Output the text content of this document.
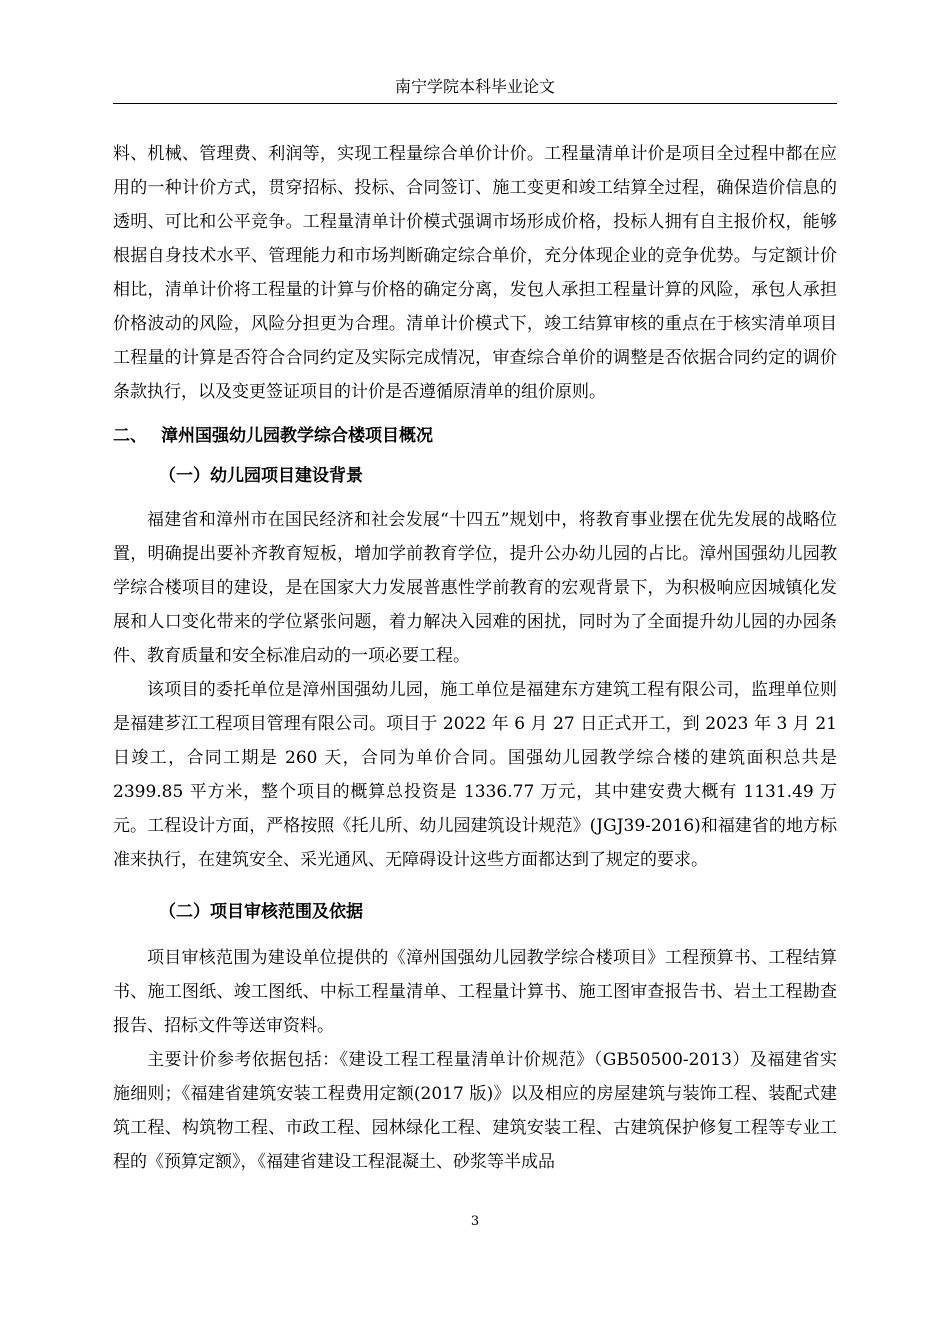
南宁学院本科毕业论文

料、机械、管理费、利润等，实现工程量综合单价计价。工程量清单计价是项目全过程中都在应用的一种计价方式，贯穿招标、投标、合同签订、施工变更和竣工结算全过程，确保造价信息的透明、可比和公平竞争。工程量清单计价模式强调市场形成价格，投标人拥有自主报价权，能够根据自身技术水平、管理能力和市场判断确定综合单价，充分体现企业的竞争优势。与定额计价相比，清单计价将工程量的计算与价格的确定分离，发包人承担工程量计算的风险，承包人承担价格波动的风险，风险分担更为合理。清单计价模式下，竣工结算审核的重点在于核实清单项目工程量的计算是否符合合同约定及实际完成情况，审查综合单价的调整是否依据合同约定的调价条款执行，以及变更签证项目的计价是否遵循原清单的组价原则。

二、 漳州国强幼儿园教学综合楼项目概况
（一）幼儿园项目建设背景

福建省和漳州市在国民经济和社会发展“十四五”规划中，将教育事业摆在优先发展的战略位置，明确提出要补齐教育短板，增加学前教育学位，提升公办幼儿园的占比。漳州国强幼儿园教学综合楼项目的建设，是在国家大力发展普惠性学前教育的宏观背景下，为积极响应因城镇化发展和人口变化带来的学位紧张问题，着力解决入园难的困扰，同时为了全面提升幼儿园的办园条件、教育质量和安全标准启动的一项必要工程。

该项目的委托单位是漳州国强幼儿园，施工单位是福建东方建筑工程有限公司，监理单位则是福建芗江工程项目管理有限公司。项目于 2022 年 6 月 27 日正式开工，到 2023 年 3 月 21 日竣工，合同工期是 260 天，合同为单价合同。国强幼儿园教学综合楼的建筑面积总共是 2399.85 平方米，整个项目的概算总投资是 1336.77 万元，其中建安费大概有 1131.49 万元。工程设计方面，严格按照《托儿所、幼儿园建筑设计规范》(JGJ39-2016)和福建省的地方标准来执行，在建筑安全、采光通风、无障碍设计这些方面都达到了规定的要求。

（二）项目审核范围及依据

项目审核范围为建设单位提供的《漳州国强幼儿园教学综合楼项目》工程预算书、工程结算书、施工图纸、竣工图纸、中标工程量清单、工程量计算书、施工图审查报告书、岩土工程勘查报告、招标文件等送审资料。

主要计价参考依据包括：《建设工程工程量清单计价规范》（GB50500-2013）及福建省实施细则；《福建省建筑安装工程费用定额(2017 版)》以及相应的房屋建筑与装饰工程、装配式建筑工程、构筑物工程、市政工程、园林绿化工程、建筑安装工程、古建筑保护修复工程等专业工程的《预算定额》，《福建省建设工程混凝土、砂浆等半成品

3
